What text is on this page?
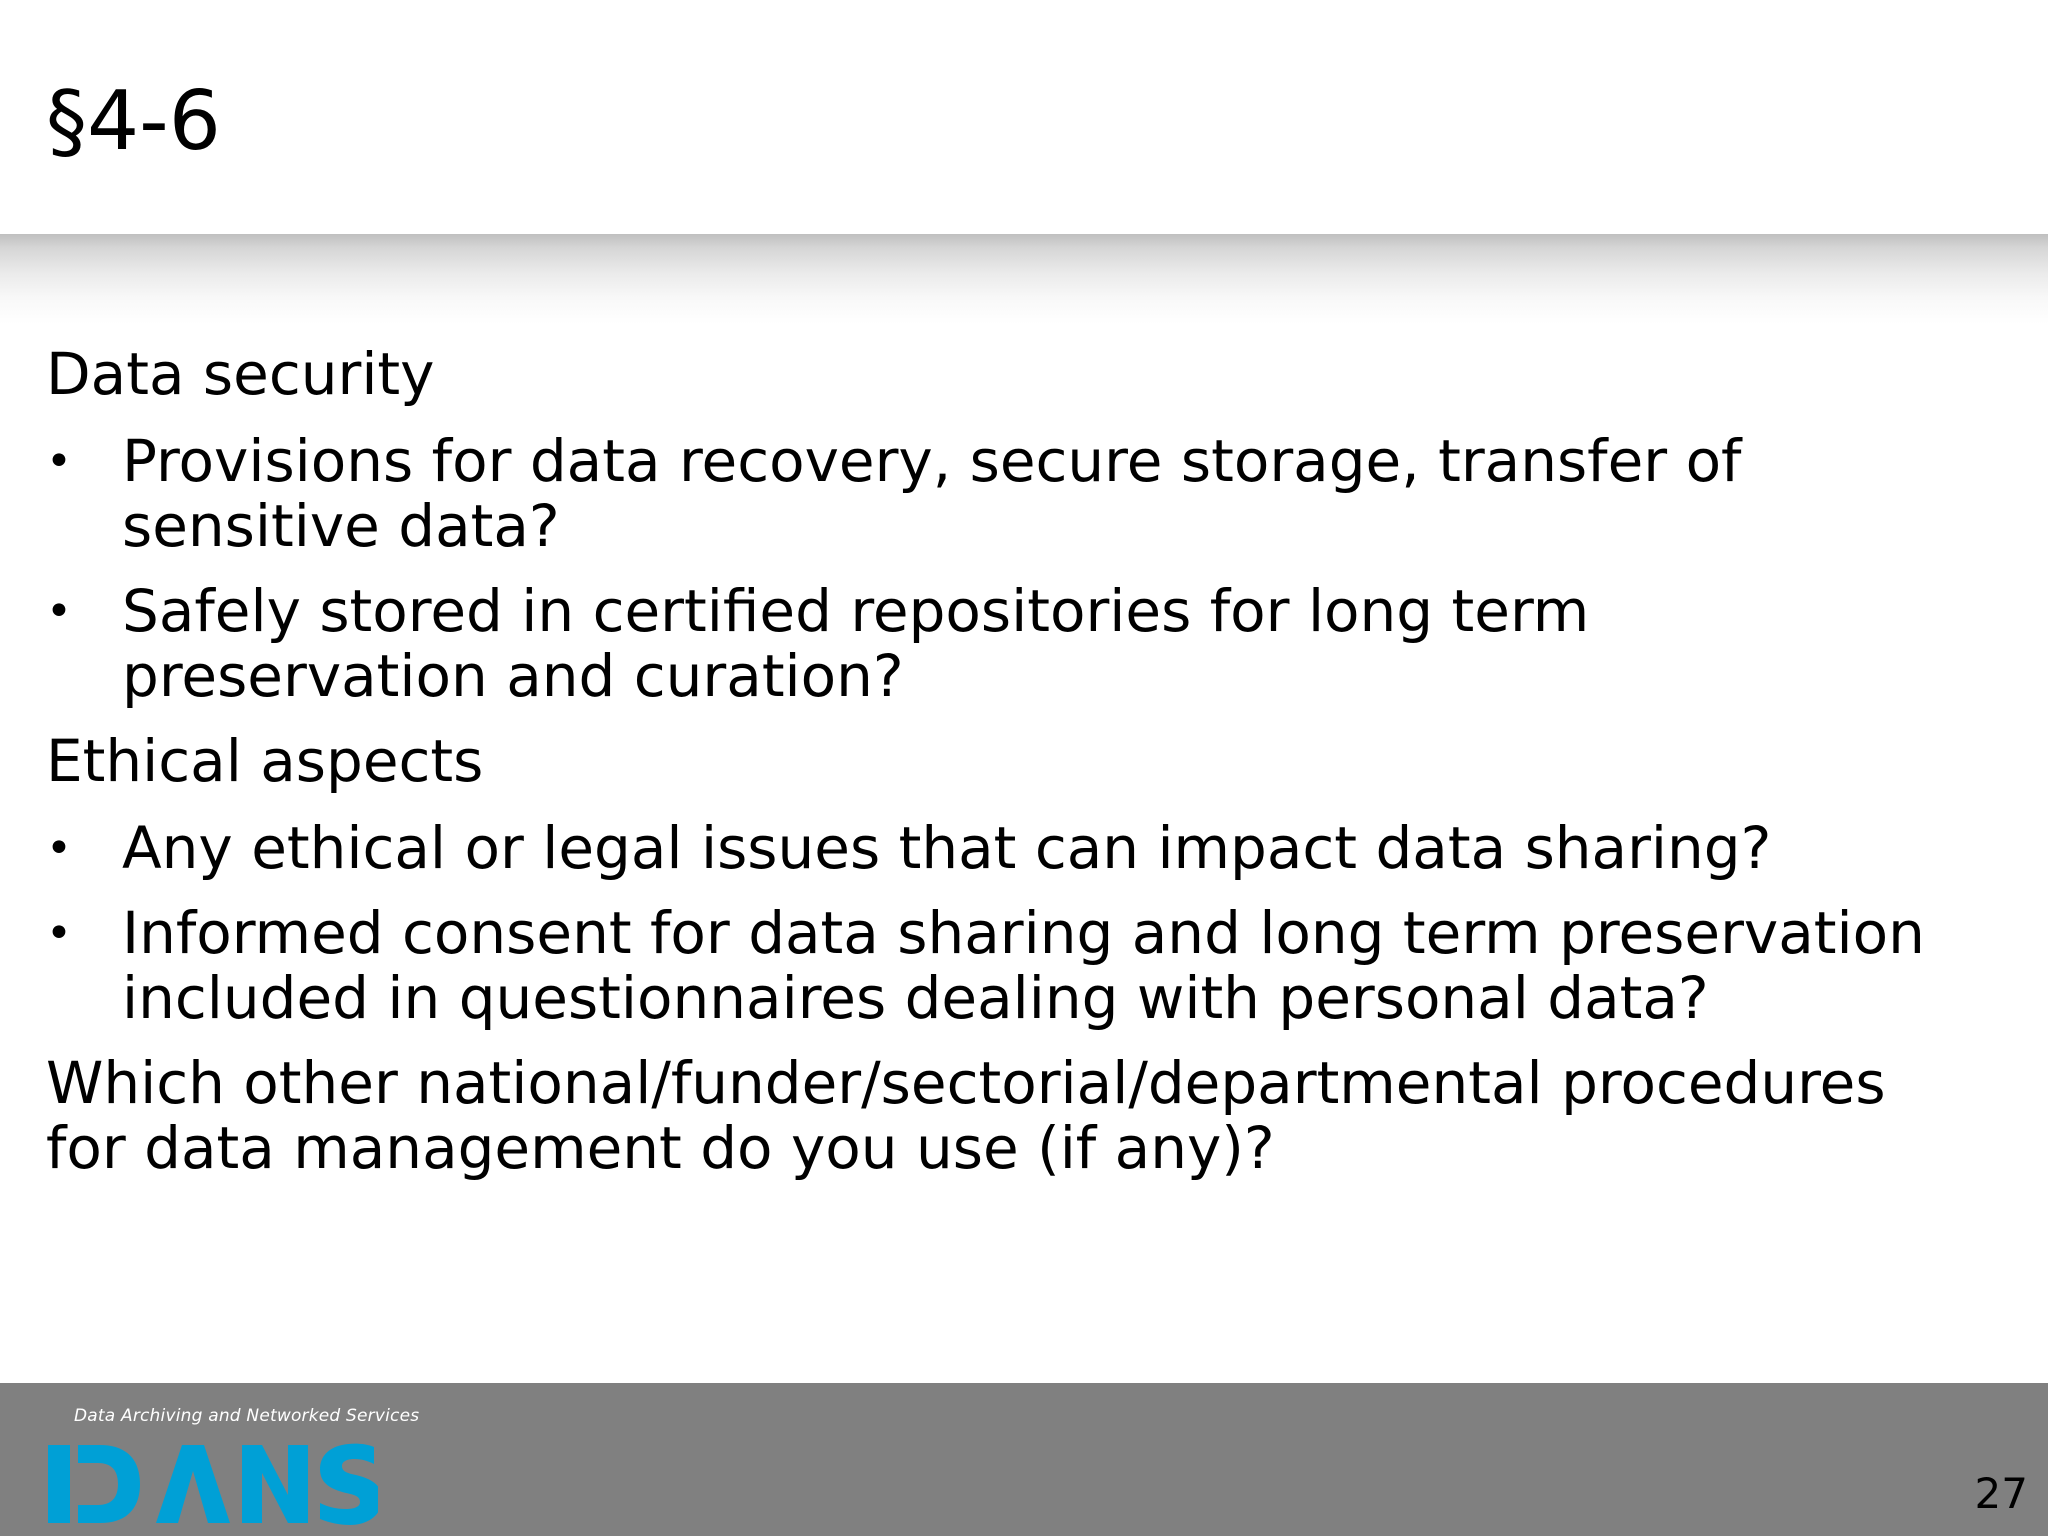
§4-6

Data security

• Provisions for data recovery, secure storage, transfer of sensitive data?

• Safely stored in certified repositories for long term preservation and curation?

Ethical aspects

• Any ethical or legal issues that can impact data sharing?

• Informed consent for data sharing and long term preservation included in questionnaires dealing with personal data?

Which other national/funder/sectorial/departmental procedures for data management do you use (if any)?

Data Archiving and Networked Services
27
